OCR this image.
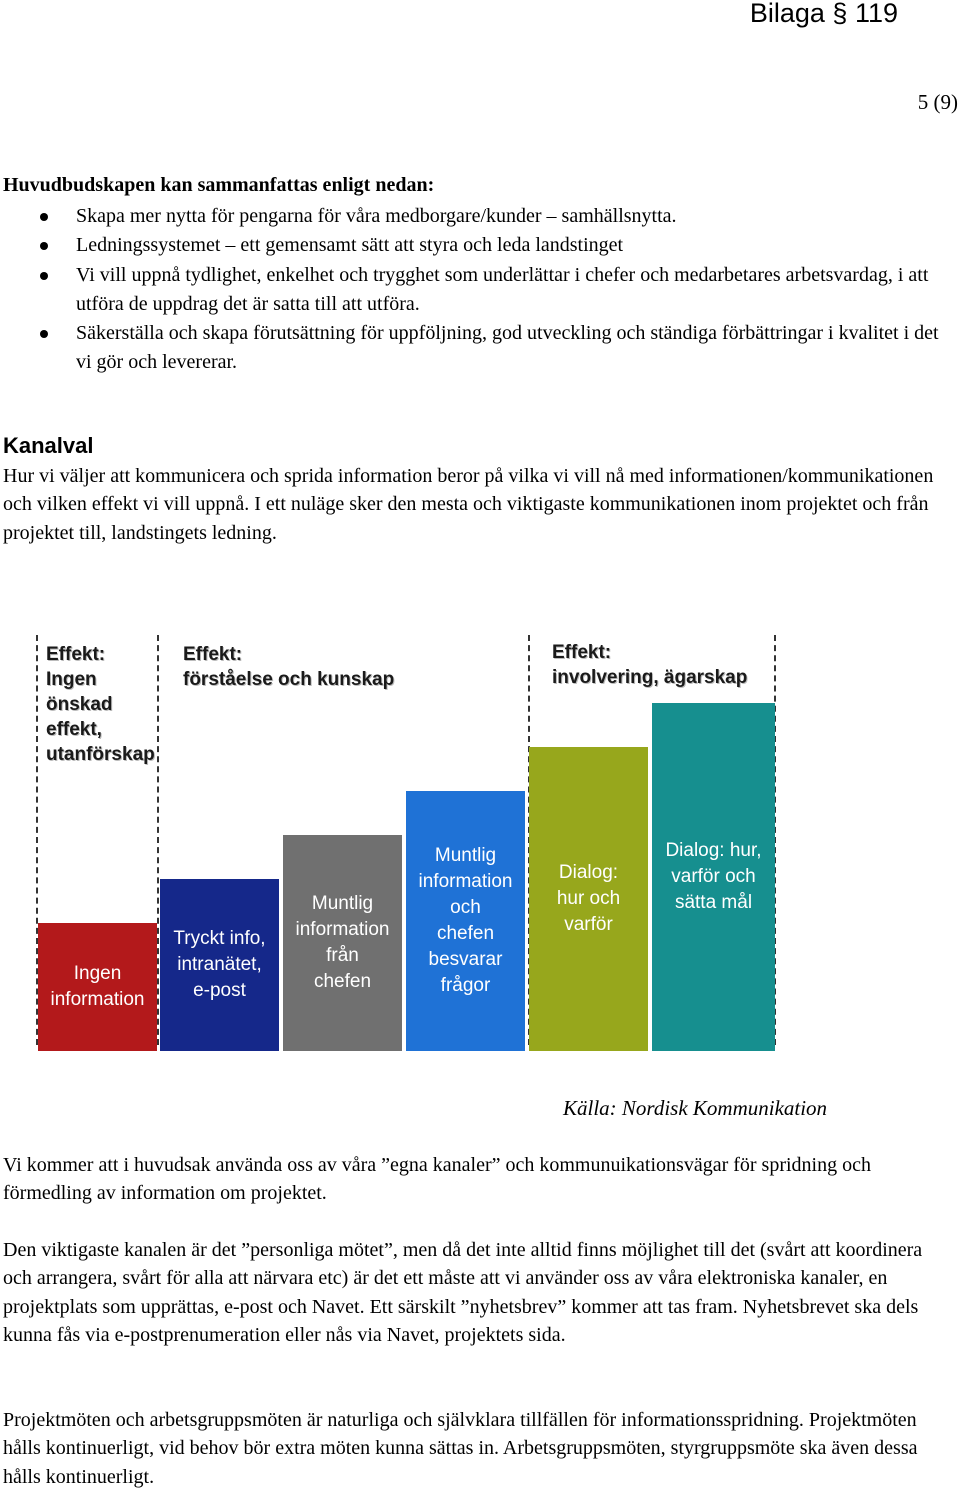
Bilaga § 119
5 (9)
Huvudbudskapen kan sammanfattas enligt nedan:
Skapa mer nytta för pengarna för våra medborgare/kunder – samhällsnytta.
Ledningssystemet – ett gemensamt sätt att styra och leda landstinget
Vi vill uppnå tydlighet, enkelhet och trygghet som underlättar i chefer och medarbetares arbetsvardag, i att utföra de uppdrag det är satta till att utföra.
Säkerställa och skapa förutsättning för uppföljning, god utveckling och ständiga förbättringar i kvalitet i det vi gör och levererar.
Kanalval

Hur vi väljer att kommunicera och sprida information beror på vilka vi vill nå med informationen/kommunikationen och vilken effekt vi vill uppnå. I ett nuläge sker den mesta och viktigaste kommunikationen inom projektet och från projektet till, landstingets ledning.

Effekt:
Ingen
önskad
effekt,
utanförskap
Effekt:
förståelse och kunskap
Effekt:
involvering, ägarskap
Ingen
information
Tryckt info,
intranätet,
e-post
Muntlig
information
från
chefen
Muntlig
information
och
chefen
besvarar
frågor
Dialog:
hur och
varför
Dialog: hur,
varför och
sätta mål
Källa: Nordisk Kommunikation

Vi kommer att i huvudsak använda oss av våra ”egna kanaler” och kommunuikationsvägar för spridning och förmedling av information om projektet.

Den viktigaste kanalen är det ”personliga mötet”, men då det inte alltid finns möjlighet till det (svårt att koordinera och arrangera, svårt för alla att närvara etc) är det ett måste att vi använder oss av våra elektroniska kanaler, en projektplats som upprättas, e-post och Navet. Ett särskilt ”nyhetsbrev” kommer att tas fram. Nyhetsbrevet ska dels kunna fås via e-postprenumeration eller nås via Navet, projektets sida.

Projektmöten och arbetsgruppsmöten är naturliga och självklara tillfällen för informationsspridning. Projektmöten hålls kontinuerligt, vid behov bör extra möten kunna sättas in. Arbetsgruppsmöten, styrgruppsmöte ska även dessa hålls kontinuerligt.
